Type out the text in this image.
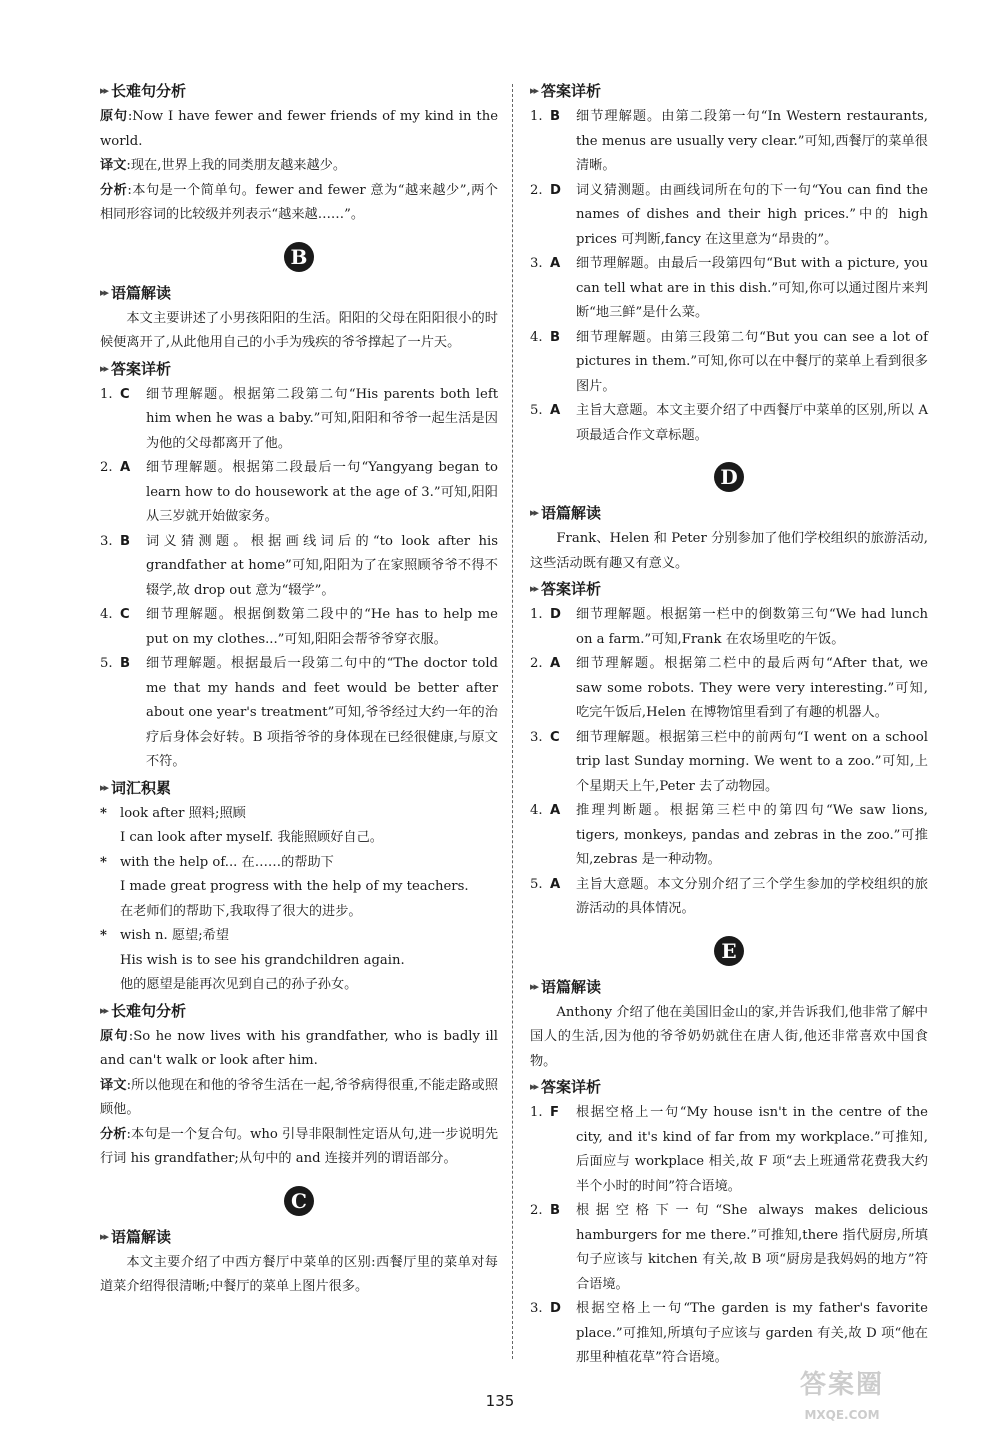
▸▸ 长难句分析

原句:Now I have fewer and fewer friends of my kind in the world.

译文:现在,世界上我的同类朋友越来越少。

分析:本句是一个简单句。fewer and fewer 意为“越来越少”,两个相同形容词的比较级并列表示“越来越……”。

B
▸▸ 语篇解读

本文主要讲述了小男孩阳阳的生活。阳阳的父母在阳阳很小的时候便离开了,从此他用自己的小手为残疾的爷爷撑起了一片天。

▸▸ 答案详析
1. C	细节理解题。根据第二段第二句“His parents both left him when he was a baby.”可知,阳阳和爷爷一起生活是因为他的父母都离开了他。
2. A	细节理解题。根据第二段最后一句“Yangyang began to learn how to do housework at the age of 3.”可知,阳阳从三岁就开始做家务。
3. B	词义猜测题。根据画线词后的“to look after his grandfather at home”可知,阳阳为了在家照顾爷爷不得不辍学,故 drop out 意为“辍学”。
4. C	细节理解题。根据倒数第二段中的“He has to help me put on my clothes...”可知,阳阳会帮爷爷穿衣服。
5. B	细节理解题。根据最后一段第二句中的“The doctor told me that my hands and feet would be better after about one year's treatment”可知,爷爷经过大约一年的治疗后身体会好转。B 项指爷爷的身体现在已经很健康,与原文不符。
▸▸ 词汇积累
* look after 照料;照顾
I can look after myself. 我能照顾好自己。
* with the help of... 在……的帮助下
I made great progress with the help of my teachers.
在老师们的帮助下,我取得了很大的进步。
* wish n. 愿望;希望
His wish is to see his grandchildren again.
他的愿望是能再次见到自己的孙子孙女。
▸▸ 长难句分析

原句:So he now lives with his grandfather, who is badly ill and can't walk or look after him.

译文:所以他现在和他的爷爷生活在一起,爷爷病得很重,不能走路或照顾他。

分析:本句是一个复合句。who 引导非限制性定语从句,进一步说明先行词 his grandfather;从句中的 and 连接并列的谓语部分。

C
▸▸ 语篇解读

本文主要介绍了中西方餐厅中菜单的区别:西餐厅里的菜单对每道菜介绍得很清晰;中餐厅的菜单上图片很多。

▸▸ 答案详析
1. B	细节理解题。由第二段第一句“In Western restaurants, the menus are usually very clear.”可知,西餐厅的菜单很清晰。
2. D	词义猜测题。由画线词所在句的下一句“You can find the names of dishes and their high prices.”中的 high prices 可判断,fancy 在这里意为“昂贵的”。
3. A	细节理解题。由最后一段第四句“But with a picture, you can tell what are in this dish.”可知,你可以通过图片来判断“地三鲜”是什么菜。
4. B	细节理解题。由第三段第二句“But you can see a lot of pictures in them.”可知,你可以在中餐厅的菜单上看到很多图片。
5. A	主旨大意题。本文主要介绍了中西餐厅中菜单的区别,所以 A 项最适合作文章标题。
D
▸▸ 语篇解读

Frank、Helen 和 Peter 分别参加了他们学校组织的旅游活动,这些活动既有趣又有意义。

▸▸ 答案详析
1. D	细节理解题。根据第一栏中的倒数第三句“We had lunch on a farm.”可知,Frank 在农场里吃的午饭。
2. A	细节理解题。根据第二栏中的最后两句“After that, we saw some robots. They were very interesting.”可知,吃完午饭后,Helen 在博物馆里看到了有趣的机器人。
3. C	细节理解题。根据第三栏中的前两句“I went on a school trip last Sunday morning. We went to a zoo.”可知,上个星期天上午,Peter 去了动物园。
4. A	推理判断题。根据第三栏中的第四句“We saw lions, tigers, monkeys, pandas and zebras in the zoo.”可推知,zebras 是一种动物。
5. A	主旨大意题。本文分别介绍了三个学生参加的学校组织的旅游活动的具体情况。
E
▸▸ 语篇解读

Anthony 介绍了他在美国旧金山的家,并告诉我们,他非常了解中国人的生活,因为他的爷爷奶奶就住在唐人街,他还非常喜欢中国食物。

▸▸ 答案详析
1. F	根据空格上一句“My house isn't in the centre of the city, and it's kind of far from my workplace.”可推知,后面应与 workplace 相关,故 F 项“去上班通常花费我大约半个小时的时间”符合语境。
2. B	根据空格下一句“She always makes delicious hamburgers for me there.”可推知,there 指代厨房,所填句子应该与 kitchen 有关,故 B 项“厨房是我妈妈的地方”符合语境。
3. D	根据空格上一句“The garden is my father's favorite place.”可推知,所填句子应该与 garden 有关,故 D 项“他在那里种植花草”符合语境。
135
答案圈
MXQE.COM
